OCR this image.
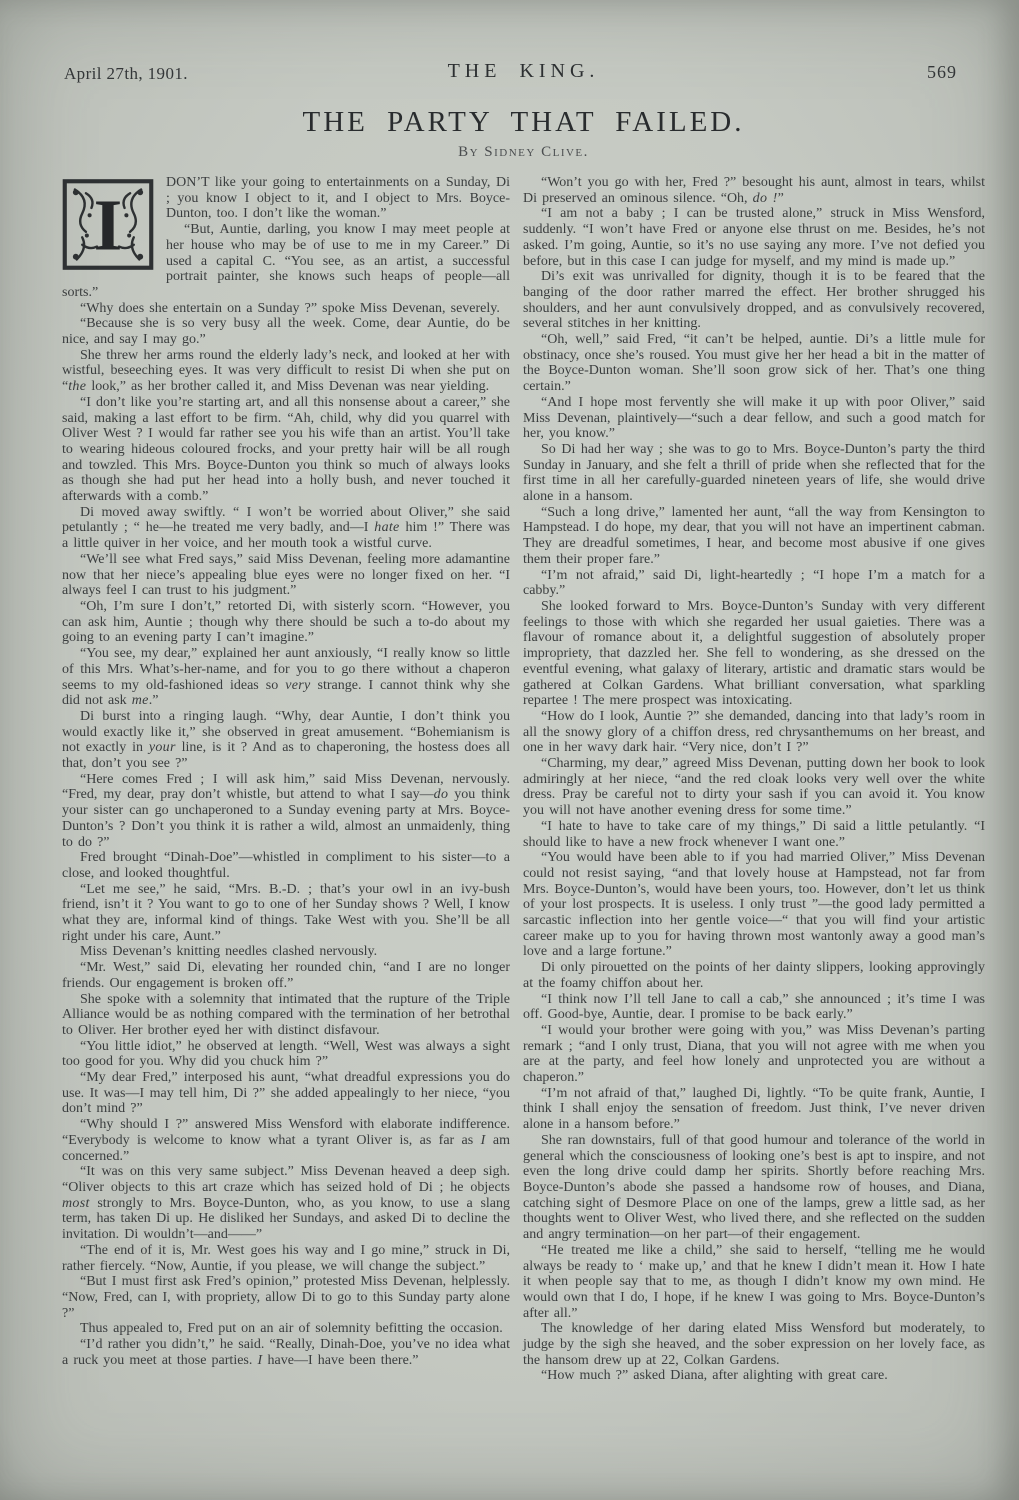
April 27th, 1901.	THE KING.	569
THE PARTY THAT FAILED.
By Sidney Clive.
I

DON’T like your going to entertainments on a Sunday, Di ; you know I object to it, and I object to Mrs. Boyce-Dunton, too. I don’t like the woman.”

“But, Auntie, darling, you know I may meet people at her house who may be of use to me in my Career.” Di used a capital C. “You see, as an artist, a successful portrait painter, she knows such heaps of people—all sorts.”

“Why does she entertain on a Sunday ?” spoke Miss Devenan, severely.

“Because she is so very busy all the week. Come, dear Auntie, do be nice, and say I may go.”

She threw her arms round the elderly lady’s neck, and looked at her with wistful, beseeching eyes. It was very difficult to resist Di when she put on “the look,” as her brother called it, and Miss Devenan was near yielding.

“I don’t like you’re starting art, and all this nonsense about a career,” she said, making a last effort to be firm. “Ah, child, why did you quarrel with Oliver West ? I would far rather see you his wife than an artist. You’ll take to wearing hideous coloured frocks, and your pretty hair will be all rough and towzled. This Mrs. Boyce-Dunton you think so much of always looks as though she had put her head into a holly bush, and never touched it afterwards with a comb.”

Di moved away swiftly. “ I won’t be worried about Oliver,” she said petulantly ; “ he—he treated me very badly, and—I hate him !” There was a little quiver in her voice, and her mouth took a wistful curve.

“We’ll see what Fred says,” said Miss Devenan, feeling more adamantine now that her niece’s appealing blue eyes were no longer fixed on her. “I always feel I can trust to his judgment.”

“Oh, I’m sure I don’t,” retorted Di, with sisterly scorn. “However, you can ask him, Auntie ; though why there should be such a to-do about my going to an evening party I can’t imagine.”

“You see, my dear,” explained her aunt anxiously, “I really know so little of this Mrs. What’s-her-name, and for you to go there without a chaperon seems to my old-fashioned ideas so very strange. I cannot think why she did not ask me.”

Di burst into a ringing laugh. “Why, dear Auntie, I don’t think you would exactly like it,” she observed in great amusement. “Bohemianism is not exactly in your line, is it ? And as to chaperoning, the hostess does all that, don’t you see ?”

“Here comes Fred ; I will ask him,” said Miss Devenan, nervously. “Fred, my dear, pray don’t whistle, but attend to what I say—do you think your sister can go unchaperoned to a Sunday evening party at Mrs. Boyce-Dunton’s ? Don’t you think it is rather a wild, almost an unmaidenly, thing to do ?”

Fred brought “Dinah-Doe”—whistled in compliment to his sister—to a close, and looked thoughtful.

“Let me see,” he said, “Mrs. B.-D. ; that’s your owl in an ivy-bush friend, isn’t it ? You want to go to one of her Sunday shows ? Well, I know what they are, informal kind of things. Take West with you. She’ll be all right under his care, Aunt.”

Miss Devenan’s knitting needles clashed nervously.

“Mr. West,” said Di, elevating her rounded chin, “and I are no longer friends. Our engagement is broken off.”

She spoke with a solemnity that intimated that the rupture of the Triple Alliance would be as nothing compared with the termination of her betrothal to Oliver. Her brother eyed her with distinct disfavour.

“You little idiot,” he observed at length. “Well, West was always a sight too good for you. Why did you chuck him ?”

“My dear Fred,” interposed his aunt, “what dreadful expressions you do use. It was—I may tell him, Di ?” she added appealingly to her niece, “you don’t mind ?”

“Why should I ?” answered Miss Wensford with elaborate indifference. “Everybody is welcome to know what a tyrant Oliver is, as far as I am concerned.”

“It was on this very same subject.” Miss Devenan heaved a deep sigh. “Oliver objects to this art craze which has seized hold of Di ; he objects most strongly to Mrs. Boyce-Dunton, who, as you know, to use a slang term, has taken Di up. He disliked her Sundays, and asked Di to decline the invitation. Di wouldn’t—and——”

“The end of it is, Mr. West goes his way and I go mine,” struck in Di, rather fiercely. “Now, Auntie, if you please, we will change the subject.”

“But I must first ask Fred’s opinion,” protested Miss Devenan, helplessly. “Now, Fred, can I, with propriety, allow Di to go to this Sunday party alone ?”

Thus appealed to, Fred put on an air of solemnity befitting the occasion.

“I’d rather you didn’t,” he said. “Really, Dinah-Doe, you’ve no idea what a ruck you meet at those parties. I have—I have been there.”

“Won’t you go with her, Fred ?” besought his aunt, almost in tears, whilst Di preserved an ominous silence. “Oh, do !”

“I am not a baby ; I can be trusted alone,” struck in Miss Wensford, suddenly. “I won’t have Fred or anyone else thrust on me. Besides, he’s not asked. I’m going, Auntie, so it’s no use saying any more. I’ve not defied you before, but in this case I can judge for myself, and my mind is made up.”

Di’s exit was unrivalled for dignity, though it is to be feared that the banging of the door rather marred the effect. Her brother shrugged his shoulders, and her aunt convulsively dropped, and as convulsively recovered, several stitches in her knitting.

“Oh, well,” said Fred, “it can’t be helped, auntie. Di’s a little mule for obstinacy, once she’s roused. You must give her her head a bit in the matter of the Boyce-Dunton woman. She’ll soon grow sick of her. That’s one thing certain.”

“And I hope most fervently she will make it up with poor Oliver,” said Miss Devenan, plaintively—“such a dear fellow, and such a good match for her, you know.”

So Di had her way ; she was to go to Mrs. Boyce-Dunton’s party the third Sunday in January, and she felt a thrill of pride when she reflected that for the first time in all her carefully-guarded nineteen years of life, she would drive alone in a hansom.

“Such a long drive,” lamented her aunt, “all the way from Kensington to Hampstead. I do hope, my dear, that you will not have an impertinent cabman. They are dreadful sometimes, I hear, and become most abusive if one gives them their proper fare.”

“I’m not afraid,” said Di, light-heartedly ; “I hope I’m a match for a cabby.”

She looked forward to Mrs. Boyce-Dunton’s Sunday with very different feelings to those with which she regarded her usual gaieties. There was a flavour of romance about it, a delightful suggestion of absolutely proper impropriety, that dazzled her. She fell to wondering, as she dressed on the eventful evening, what galaxy of literary, artistic and dramatic stars would be gathered at Colkan Gardens. What brilliant conversation, what sparkling repartee ! The mere prospect was intoxicating.

“How do I look, Auntie ?” she demanded, dancing into that lady’s room in all the snowy glory of a chiffon dress, red chrysanthemums on her breast, and one in her wavy dark hair. “Very nice, don’t I ?”

“Charming, my dear,” agreed Miss Devenan, putting down her book to look admiringly at her niece, “and the red cloak looks very well over the white dress. Pray be careful not to dirty your sash if you can avoid it. You know you will not have another evening dress for some time.”

“I hate to have to take care of my things,” Di said a little petulantly. “I should like to have a new frock whenever I want one.”

“You would have been able to if you had married Oliver,” Miss Devenan could not resist saying, “and that lovely house at Hampstead, not far from Mrs. Boyce-Dunton’s, would have been yours, too. However, don’t let us think of your lost prospects. It is useless. I only trust ”—the good lady permitted a sarcastic inflection into her gentle voice—“ that you will find your artistic career make up to you for having thrown most wantonly away a good man’s love and a large fortune.”

Di only pirouetted on the points of her dainty slippers, looking approvingly at the foamy chiffon about her.

“I think now I’ll tell Jane to call a cab,” she announced ; it’s time I was off. Good-bye, Auntie, dear. I promise to be back early.”

“I would your brother were going with you,” was Miss Devenan’s parting remark ; “and I only trust, Diana, that you will not agree with me when you are at the party, and feel how lonely and unprotected you are without a chaperon.”

“I’m not afraid of that,” laughed Di, lightly. “To be quite frank, Auntie, I think I shall enjoy the sensation of freedom. Just think, I’ve never driven alone in a hansom before.”

She ran downstairs, full of that good humour and tolerance of the world in general which the consciousness of looking one’s best is apt to inspire, and not even the long drive could damp her spirits. Shortly before reaching Mrs. Boyce-Dunton’s abode she passed a handsome row of houses, and Diana, catching sight of Desmore Place on one of the lamps, grew a little sad, as her thoughts went to Oliver West, who lived there, and she reflected on the sudden and angry termination—on her part—of their engagement.

“He treated me like a child,” she said to herself, “telling me he would always be ready to ‘ make up,’ and that he knew I didn’t mean it. How I hate it when people say that to me, as though I didn’t know my own mind. He would own that I do, I hope, if he knew I was going to Mrs. Boyce-Dunton’s after all.”

The knowledge of her daring elated Miss Wensford but moderately, to judge by the sigh she heaved, and the sober expression on her lovely face, as the hansom drew up at 22, Colkan Gardens.

“How much ?” asked Diana, after alighting with great care.
